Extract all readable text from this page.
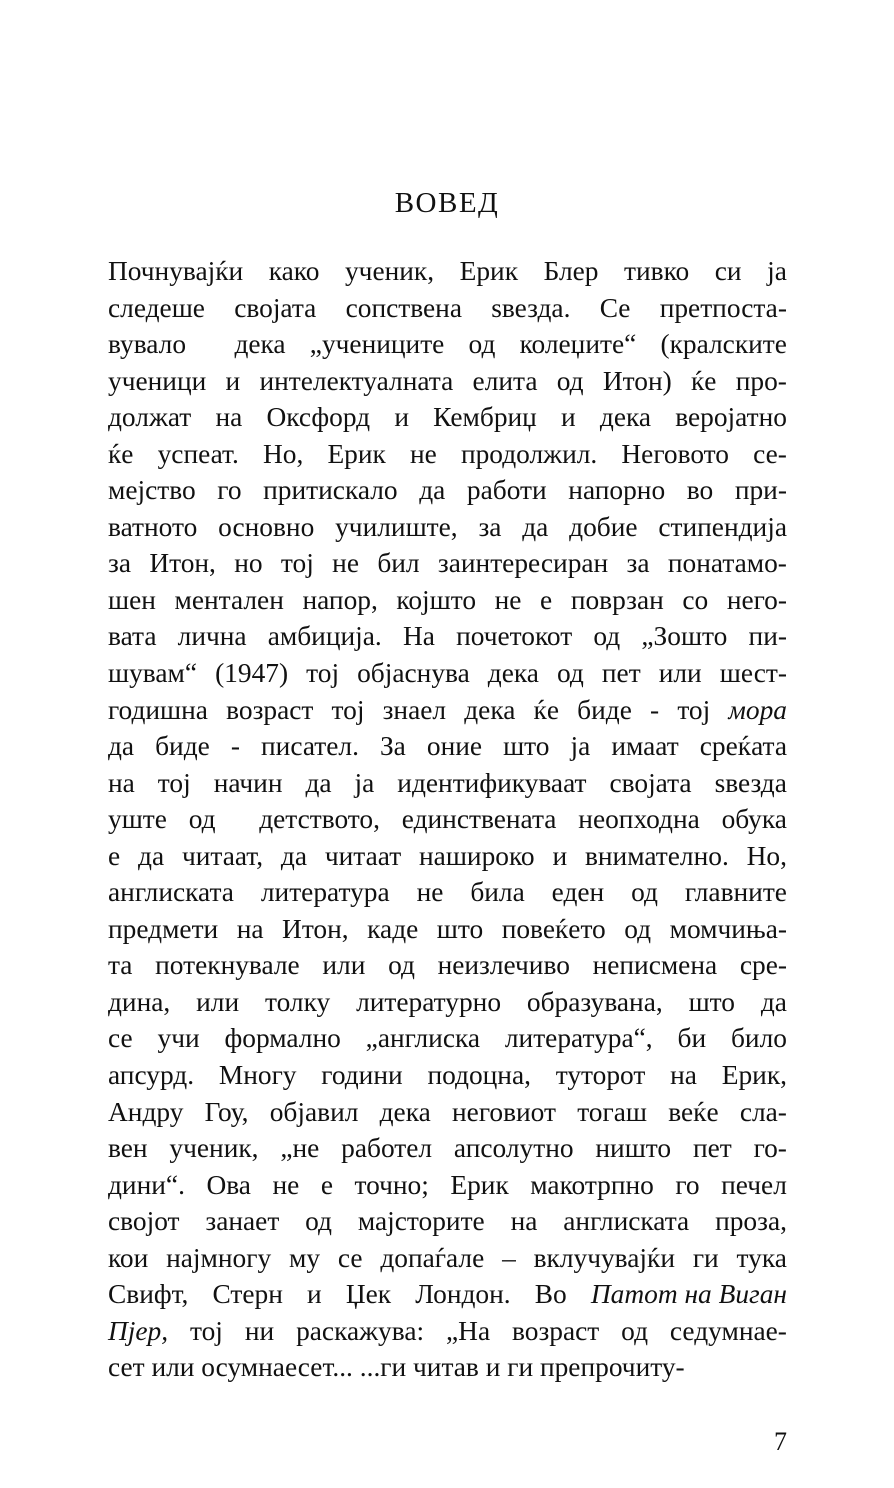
ВОВЕД
Почнувајќи како ученик, Ерик Блер тивко си ја
следеше својата сопствена ѕвезда. Се претпоста-
вувало дека „учениците од колеџите“ (кралските
ученици и интелектуалната елита од Итон) ќе про-
должат на Оксфорд и Кембриџ и дека веројатно
ќе успеат. Но, Ерик не продолжил. Неговото се-
мејство го притискало да работи напорно во при-
ватното основно училиште, за да добие стипендија
за Итон, но тој не бил заинтересиран за понатамо-
шен ментален напор, којшто не е поврзан со него-
вата лична амбиција. На почетокот од „Зошто пи-
шувам“ (1947) тој објаснува дека од пет или шест-
годишна возраст тој знаел дека ќе биде - тој мора
да биде - писател. За оние што ја имаат среќата
на тој начин да ја идентификуваат својата ѕвезда
уште од детството, единствената неопходна обука
е да читаат, да читаат нашироко и внимателно. Но,
англиската литература не била еден од главните
предмети на Итон, каде што повеќето од момчиња-
та потекнувале или од неизлечиво неписмена сре-
дина, или толку литературно образувана, што да
се учи формално „англиска литература“, би било
апсурд. Многу години подоцна, туторот на Ерик,
Андру Гоу, објавил дека неговиот тогаш веќе сла-
вен ученик, „не работел апсолутно ништо пет го-
дини“. Ова не е точно; Ерик макотрпно го печел
својот занает од мајсторите на англиската проза,
кои најмногу му се допаѓале – вклучувајќи ги тука
Свифт, Стерн и Џек Лондон. Во Патот на Виган
Пјер, тој ни раскажува: „На возраст од седумнае-
сет или осумнаесет... ...ги читав и ги препрочиту-
7
